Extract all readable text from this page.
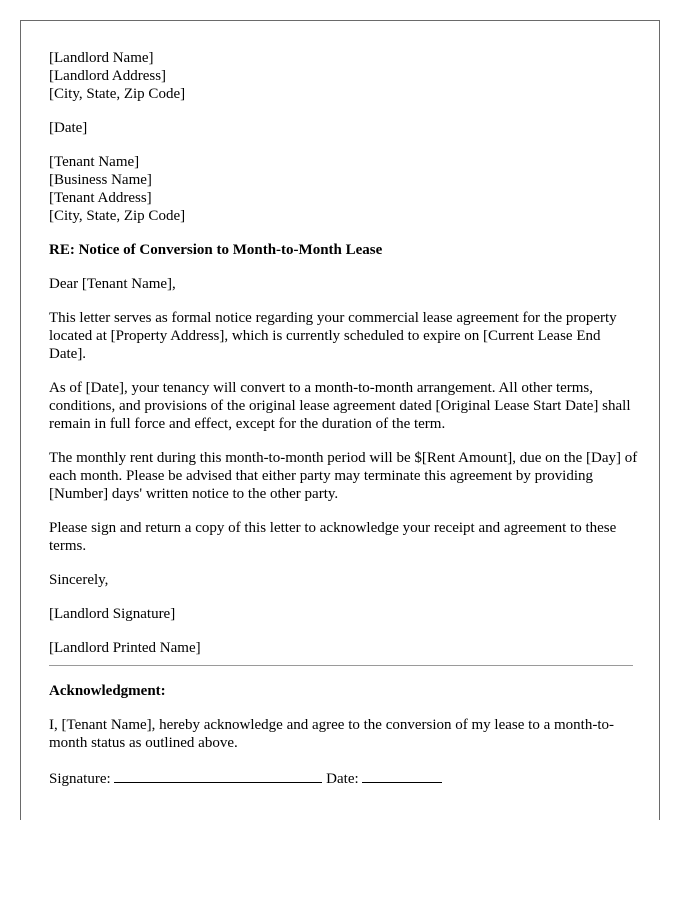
[Landlord Name]
[Landlord Address]
[City, State, Zip Code]
[Date]
[Tenant Name]
[Business Name]
[Tenant Address]
[City, State, Zip Code]
RE: Notice of Conversion to Month-to-Month Lease

Dear [Tenant Name],

This letter serves as formal notice regarding your commercial lease agreement for the property located at [Property Address], which is currently scheduled to expire on [Current Lease End Date].

As of [Date], your tenancy will convert to a month-to-month arrangement. All other terms, conditions, and provisions of the original lease agreement dated [Original Lease Start Date] shall remain in full force and effect, except for the duration of the term.

The monthly rent during this month-to-month period will be $[Rent Amount], due on the [Day] of each month. Please be advised that either party may terminate this agreement by providing [Number] days' written notice to the other party.

Please sign and return a copy of this letter to acknowledge your receipt and agreement to these terms.

Sincerely,

[Landlord Signature]

[Landlord Printed Name]

Acknowledgment:

I, [Tenant Name], hereby acknowledge and agree to the conversion of my lease to a month-to-month status as outlined above.

Signature:	Date:
